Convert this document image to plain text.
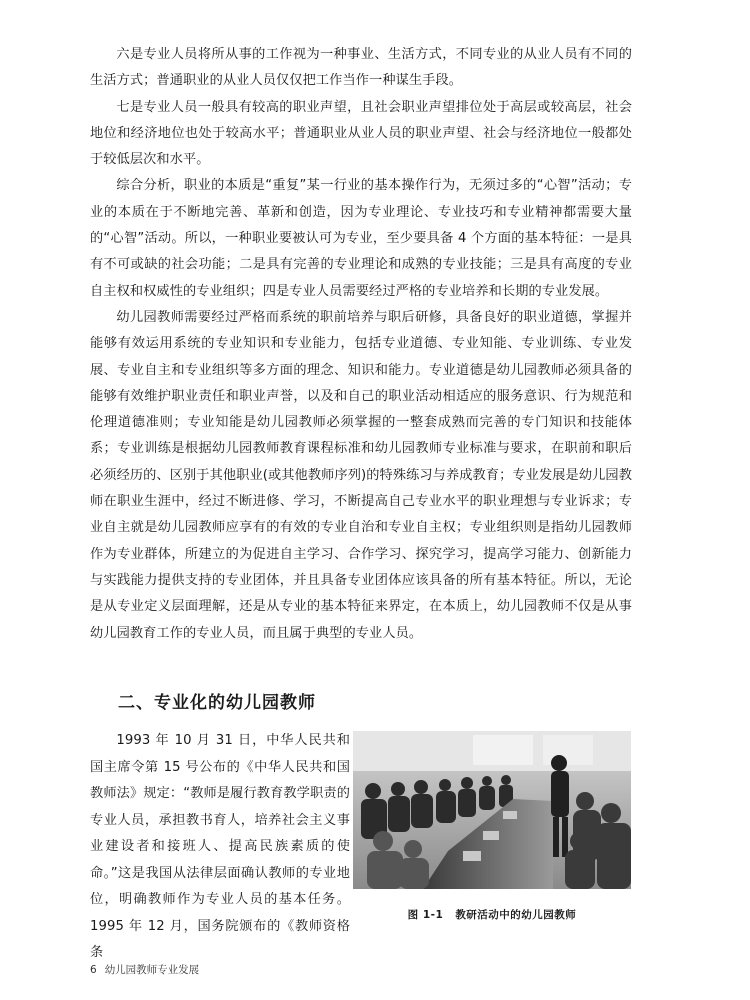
六是专业人员将所从事的工作视为一种事业、生活方式，不同专业的从业人员有不同的生活方式；普通职业的从业人员仅仅把工作当作一种谋生手段。

七是专业人员一般具有较高的职业声望，且社会职业声望排位处于高层或较高层，社会地位和经济地位也处于较高水平；普通职业从业人员的职业声望、社会与经济地位一般都处于较低层次和水平。

综合分析，职业的本质是“重复”某一行业的基本操作行为，无须过多的“心智”活动；专业的本质在于不断地完善、革新和创造，因为专业理论、专业技巧和专业精神都需要大量的“心智”活动。所以，一种职业要被认可为专业，至少要具备 4 个方面的基本特征：一是具有不可或缺的社会功能；二是具有完善的专业理论和成熟的专业技能；三是具有高度的专业自主权和权威性的专业组织；四是专业人员需要经过严格的专业培养和长期的专业发展。

幼儿园教师需要经过严格而系统的职前培养与职后研修，具备良好的职业道德，掌握并能够有效运用系统的专业知识和专业能力，包括专业道德、专业知能、专业训练、专业发展、专业自主和专业组织等多方面的理念、知识和能力。专业道德是幼儿园教师必须具备的能够有效维护职业责任和职业声誉，以及和自己的职业活动相适应的服务意识、行为规范和伦理道德准则；专业知能是幼儿园教师必须掌握的一整套成熟而完善的专门知识和技能体系；专业训练是根据幼儿园教师教育课程标准和幼儿园教师专业标准与要求，在职前和职后必须经历的、区别于其他职业(或其他教师序列)的特殊练习与养成教育；专业发展是幼儿园教师在职业生涯中，经过不断进修、学习，不断提高自己专业水平的职业理想与专业诉求；专业自主就是幼儿园教师应享有的有效的专业自治和专业自主权；专业组织则是指幼儿园教师作为专业群体，所建立的为促进自主学习、合作学习、探究学习，提高学习能力、创新能力与实践能力提供支持的专业团体，并且具备专业团体应该具备的所有基本特征。所以，无论是从专业定义层面理解，还是从专业的基本特征来界定，在本质上，幼儿园教师不仅是从事幼儿园教育工作的专业人员，而且属于典型的专业人员。

二、专业化的幼儿园教师

1993 年 10 月 31 日，中华人民共和国主席令第 15 号公布的《中华人民共和国教师法》规定：“教师是履行教育教学职责的专业人员，承担教书育人，培养社会主义事业建设者和接班人、提高民族素质的使命。”这是我国从法律层面确认教师的专业地位，明确教师作为专业人员的基本任务。1995 年 12 月，国务院颁布的《教师资格条

图 1-1 教研活动中的幼儿园教师
6 幼儿园教师专业发展
